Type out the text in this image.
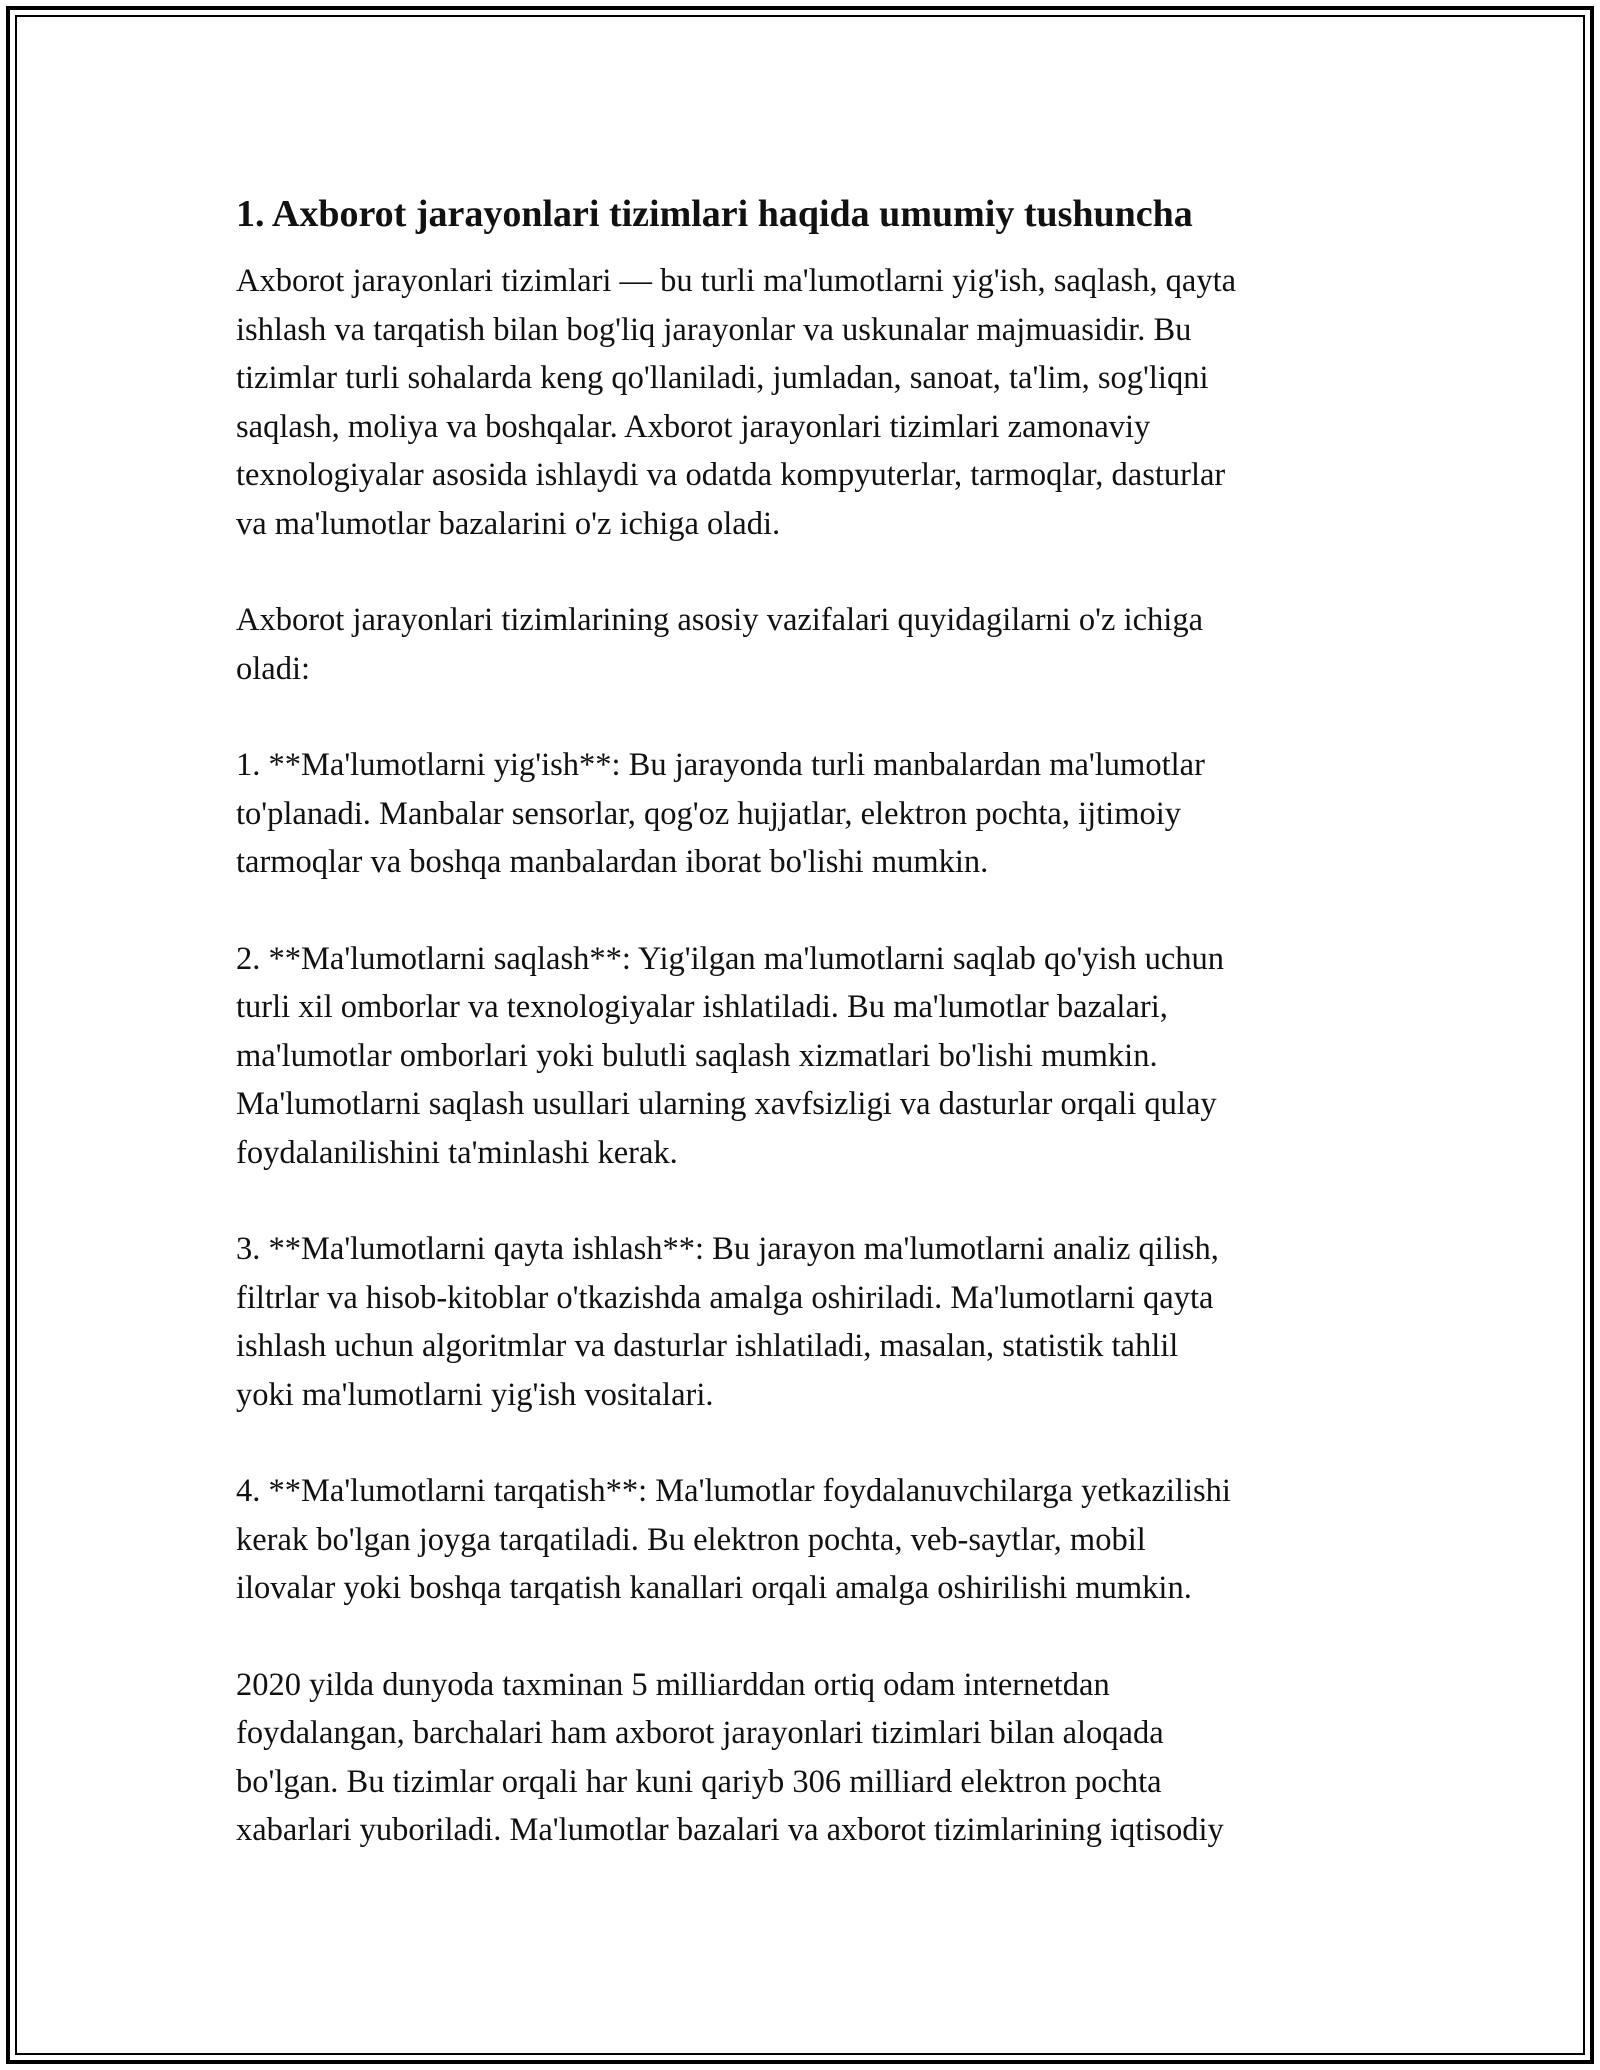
1. Axborot jarayonlari tizimlari haqida umumiy tushuncha

Axborot jarayonlari tizimlari — bu turli ma'lumotlarni yig'ish, saqlash, qayta
ishlash va tarqatish bilan bog'liq jarayonlar va uskunalar majmuasidir. Bu
tizimlar turli sohalarda keng qo'llaniladi, jumladan, sanoat, ta'lim, sog'liqni
saqlash, moliya va boshqalar. Axborot jarayonlari tizimlari zamonaviy
texnologiyalar asosida ishlaydi va odatda kompyuterlar, tarmoqlar, dasturlar
va ma'lumotlar bazalarini o'z ichiga oladi.

Axborot jarayonlari tizimlarining asosiy vazifalari quyidagilarni o'z ichiga
oladi:

1. **Ma'lumotlarni yig'ish**: Bu jarayonda turli manbalardan ma'lumotlar
to'planadi. Manbalar sensorlar, qog'oz hujjatlar, elektron pochta, ijtimoiy
tarmoqlar va boshqa manbalardan iborat bo'lishi mumkin.

2. **Ma'lumotlarni saqlash**: Yig'ilgan ma'lumotlarni saqlab qo'yish uchun
turli xil omborlar va texnologiyalar ishlatiladi. Bu ma'lumotlar bazalari,
ma'lumotlar omborlari yoki bulutli saqlash xizmatlari bo'lishi mumkin.
Ma'lumotlarni saqlash usullari ularning xavfsizligi va dasturlar orqali qulay
foydalanilishini ta'minlashi kerak.

3. **Ma'lumotlarni qayta ishlash**: Bu jarayon ma'lumotlarni analiz qilish,
filtrlar va hisob-kitoblar o'tkazishda amalga oshiriladi. Ma'lumotlarni qayta
ishlash uchun algoritmlar va dasturlar ishlatiladi, masalan, statistik tahlil
yoki ma'lumotlarni yig'ish vositalari.

4. **Ma'lumotlarni tarqatish**: Ma'lumotlar foydalanuvchilarga yetkazilishi
kerak bo'lgan joyga tarqatiladi. Bu elektron pochta, veb-saytlar, mobil
ilovalar yoki boshqa tarqatish kanallari orqali amalga oshirilishi mumkin.

2020 yilda dunyoda taxminan 5 milliarddan ortiq odam internetdan
foydalangan, barchalari ham axborot jarayonlari tizimlari bilan aloqada
bo'lgan. Bu tizimlar orqali har kuni qariyb 306 milliard elektron pochta
xabarlari yuboriladi. Ma'lumotlar bazalari va axborot tizimlarining iqtisodiy
